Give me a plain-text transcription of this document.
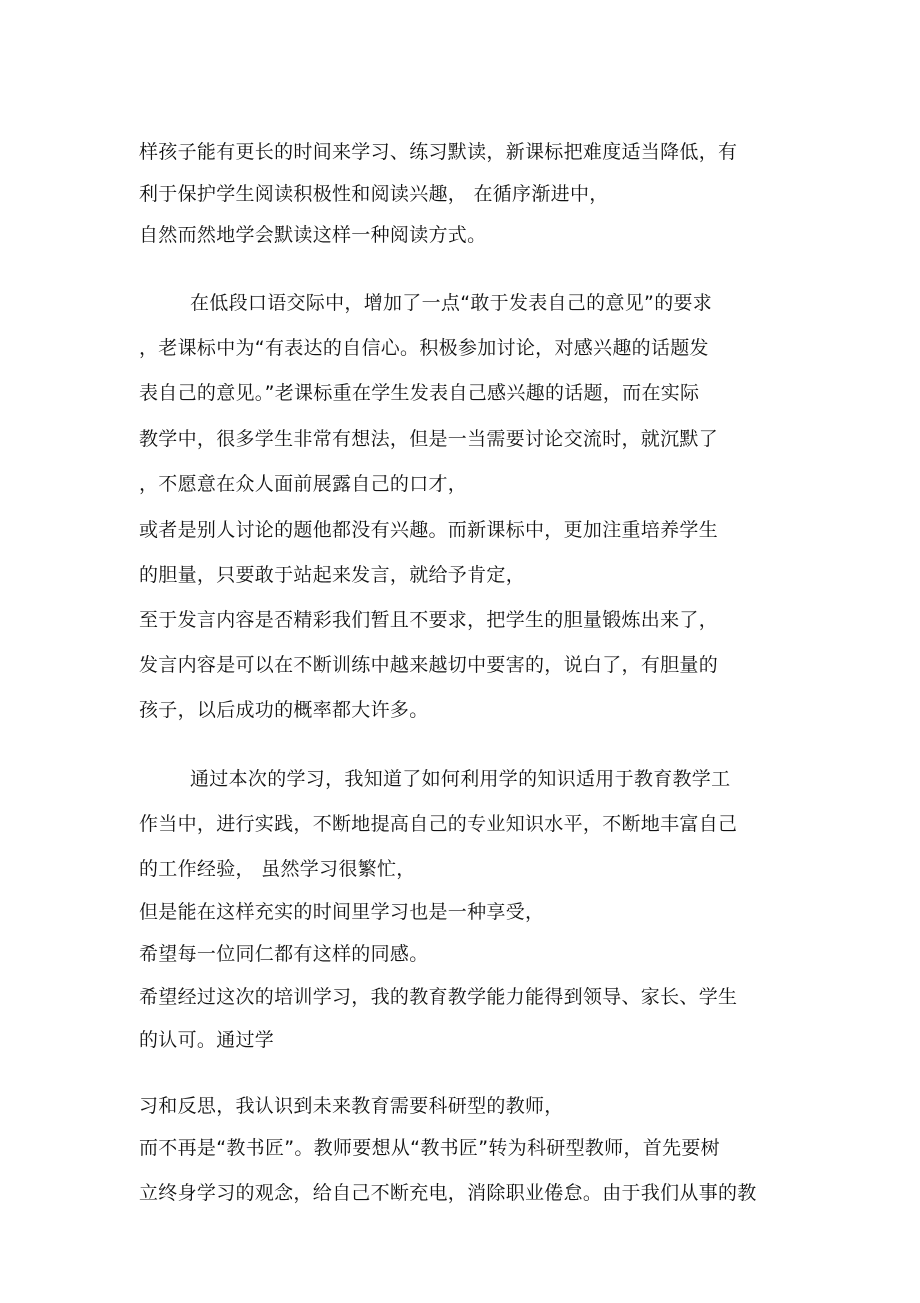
样孩子能有更长的时间来学习、练习默读，新课标把难度适当降低，有
利于保护学生阅读积极性和阅读兴趣， 在循序渐进中，
自然而然地学会默读这样一种阅读方式。
在低段口语交际中，增加了一点“敢于发表自己的意见”的要求
，老课标中为“有表达的自信心。积极参加讨论，对感兴趣的话题发
表自己的意见。”老课标重在学生发表自己感兴趣的话题，而在实际
教学中，很多学生非常有想法，但是一当需要讨论交流时，就沉默了
，不愿意在众人面前展露自己的口才，
或者是别人讨论的题他都没有兴趣。而新课标中，更加注重培养学生
的胆量，只要敢于站起来发言，就给予肯定，
至于发言内容是否精彩我们暂且不要求，把学生的胆量锻炼出来了，
发言内容是可以在不断训练中越来越切中要害的，说白了，有胆量的
孩子，以后成功的概率都大许多。
通过本次的学习，我知道了如何利用学的知识适用于教育教学工
作当中，进行实践，不断地提高自己的专业知识水平，不断地丰富自己
的工作经验， 虽然学习很繁忙，
但是能在这样充实的时间里学习也是一种享受，
希望每一位同仁都有这样的同感。
希望经过这次的培训学习，我的教育教学能力能得到领导、家长、学生
的认可。通过学
习和反思，我认识到未来教育需要科研型的教师，
而不再是“教书匠”。教师要想从“教书匠”转为科研型教师，首先要树
立终身学习的观念，给自己不断充电，消除职业倦怠。由于我们从事的教
